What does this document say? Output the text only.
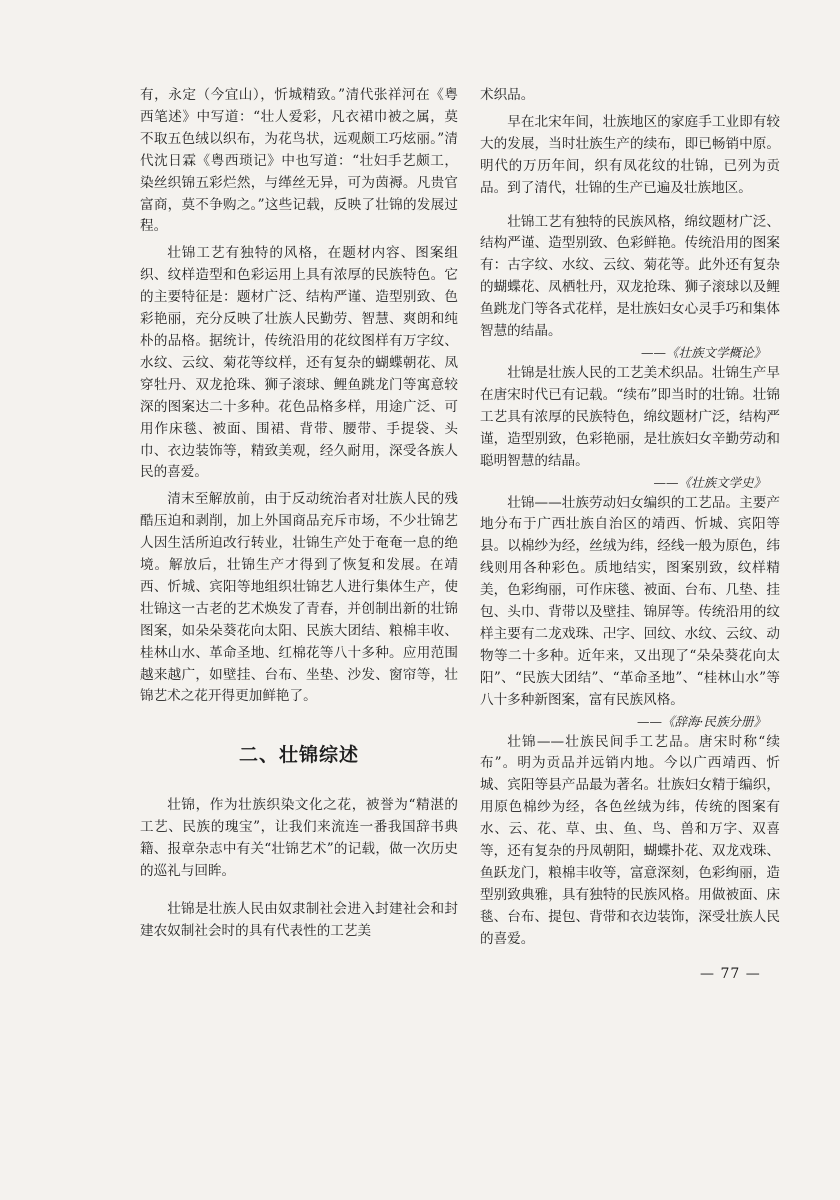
有，永定（今宜山），忻城精致。”清代张祥河在《粤西笔述》中写道：“壮人爱彩，凡衣裙巾被之属，莫不取五色绒以织布，为花鸟状，远观颇工巧炫丽。”清代沈日霖《粤西琐记》中也写道：“壮妇手艺颇工，染丝织锦五彩烂然，与缂丝无异，可为茵褥。凡贵官富商，莫不争购之。”这些记载，反映了壮锦的发展过程。

壮锦工艺有独特的风格，在题材内容、图案组织、纹样造型和色彩运用上具有浓厚的民族特色。它的主要特征是：题材广泛、结构严谨、造型别致、色彩艳丽，充分反映了壮族人民勤劳、智慧、爽朗和纯朴的品格。据统计，传统沿用的花纹图样有万字纹、水纹、云纹、菊花等纹样，还有复杂的蝴蝶朝花、凤穿牡丹、双龙抢珠、狮子滚球、鲤鱼跳龙门等寓意较深的图案达二十多种。花色品格多样，用途广泛、可用作床毯、被面、围裙、背带、腰带、手提袋、头巾、衣边装饰等，精致美观，经久耐用，深受各族人民的喜爱。

清末至解放前，由于反动统治者对壮族人民的残酷压迫和剥削，加上外国商品充斥市场，不少壮锦艺人因生活所迫改行转业，壮锦生产处于奄奄一息的绝境。解放后，壮锦生产才得到了恢复和发展。在靖西、忻城、宾阳等地组织壮锦艺人进行集体生产，使壮锦这一古老的艺术焕发了青春，并创制出新的壮锦图案，如朵朵葵花向太阳、民族大团结、粮棉丰收、桂林山水、革命圣地、红棉花等八十多种。应用范围越来越广，如壁挂、台布、坐垫、沙发、窗帘等，壮锦艺术之花开得更加鲜艳了。

二、壮锦综述

壮锦，作为壮族织染文化之花，被誉为“精湛的工艺、民族的瑰宝”，让我们来流连一番我国辞书典籍、报章杂志中有关“壮锦艺术”的记载，做一次历史的巡礼与回眸。

壮锦是壮族人民由奴隶制社会进入封建社会和封建农奴制社会时的具有代表性的工艺美

术织品。

早在北宋年间，壮族地区的家庭手工业即有较大的发展，当时壮族生产的续布，即已畅销中原。明代的万历年间，织有凤花纹的壮锦，已列为贡品。到了清代，壮锦的生产已遍及壮族地区。

壮锦工艺有独特的民族风格，绵纹题材广泛、结构严谨、造型别致、色彩鲜艳。传统沿用的图案有：古字纹、水纹、云纹、菊花等。此外还有复杂的蝴蝶花、凤栖牡丹，双龙抢珠、狮子滚球以及鲤鱼跳龙门等各式花样，是壮族妇女心灵手巧和集体智慧的结晶。

——《壮族文学概论》

壮锦是壮族人民的工艺美术织品。壮锦生产早在唐宋时代已有记载。“续布”即当时的壮锦。壮锦工艺具有浓厚的民族特色，绵纹题材广泛，结构严谨，造型别致，色彩艳丽，是壮族妇女辛勤劳动和聪明智慧的结晶。

——《壮族文学史》

壮锦——壮族劳动妇女编织的工艺品。主要产地分布于广西壮族自治区的靖西、忻城、宾阳等县。以棉纱为经，丝绒为纬，经线一般为原色，纬线则用各种彩色。质地结实，图案别致，纹样精美，色彩绚丽，可作床毯、被面、台布、几垫、挂包、头巾、背带以及壁挂、锦屏等。传统沿用的纹样主要有二龙戏珠、卍字、回纹、水纹、云纹、动物等二十多种。近年来，又出现了“朵朵葵花向太阳”、“民族大团结”、“革命圣地”、“桂林山水”等八十多种新图案，富有民族风格。

——《辞海·民族分册》

壮锦——壮族民间手工艺品。唐宋时称“续布”。明为贡品并远销内地。今以广西靖西、忻城、宾阳等县产品最为著名。壮族妇女精于编织，用原色棉纱为经，各色丝绒为纬，传统的图案有水、云、花、草、虫、鱼、鸟、兽和万字、双喜等，还有复杂的丹凤朝阳，蝴蝶扑花、双龙戏珠、鱼跃龙门，粮棉丰收等，富意深刻，色彩绚丽，造型别致典雅，具有独特的民族风格。用做被面、床毯、台布、提包、背带和衣边装饰，深受壮族人民的喜爱。

— 77 —
